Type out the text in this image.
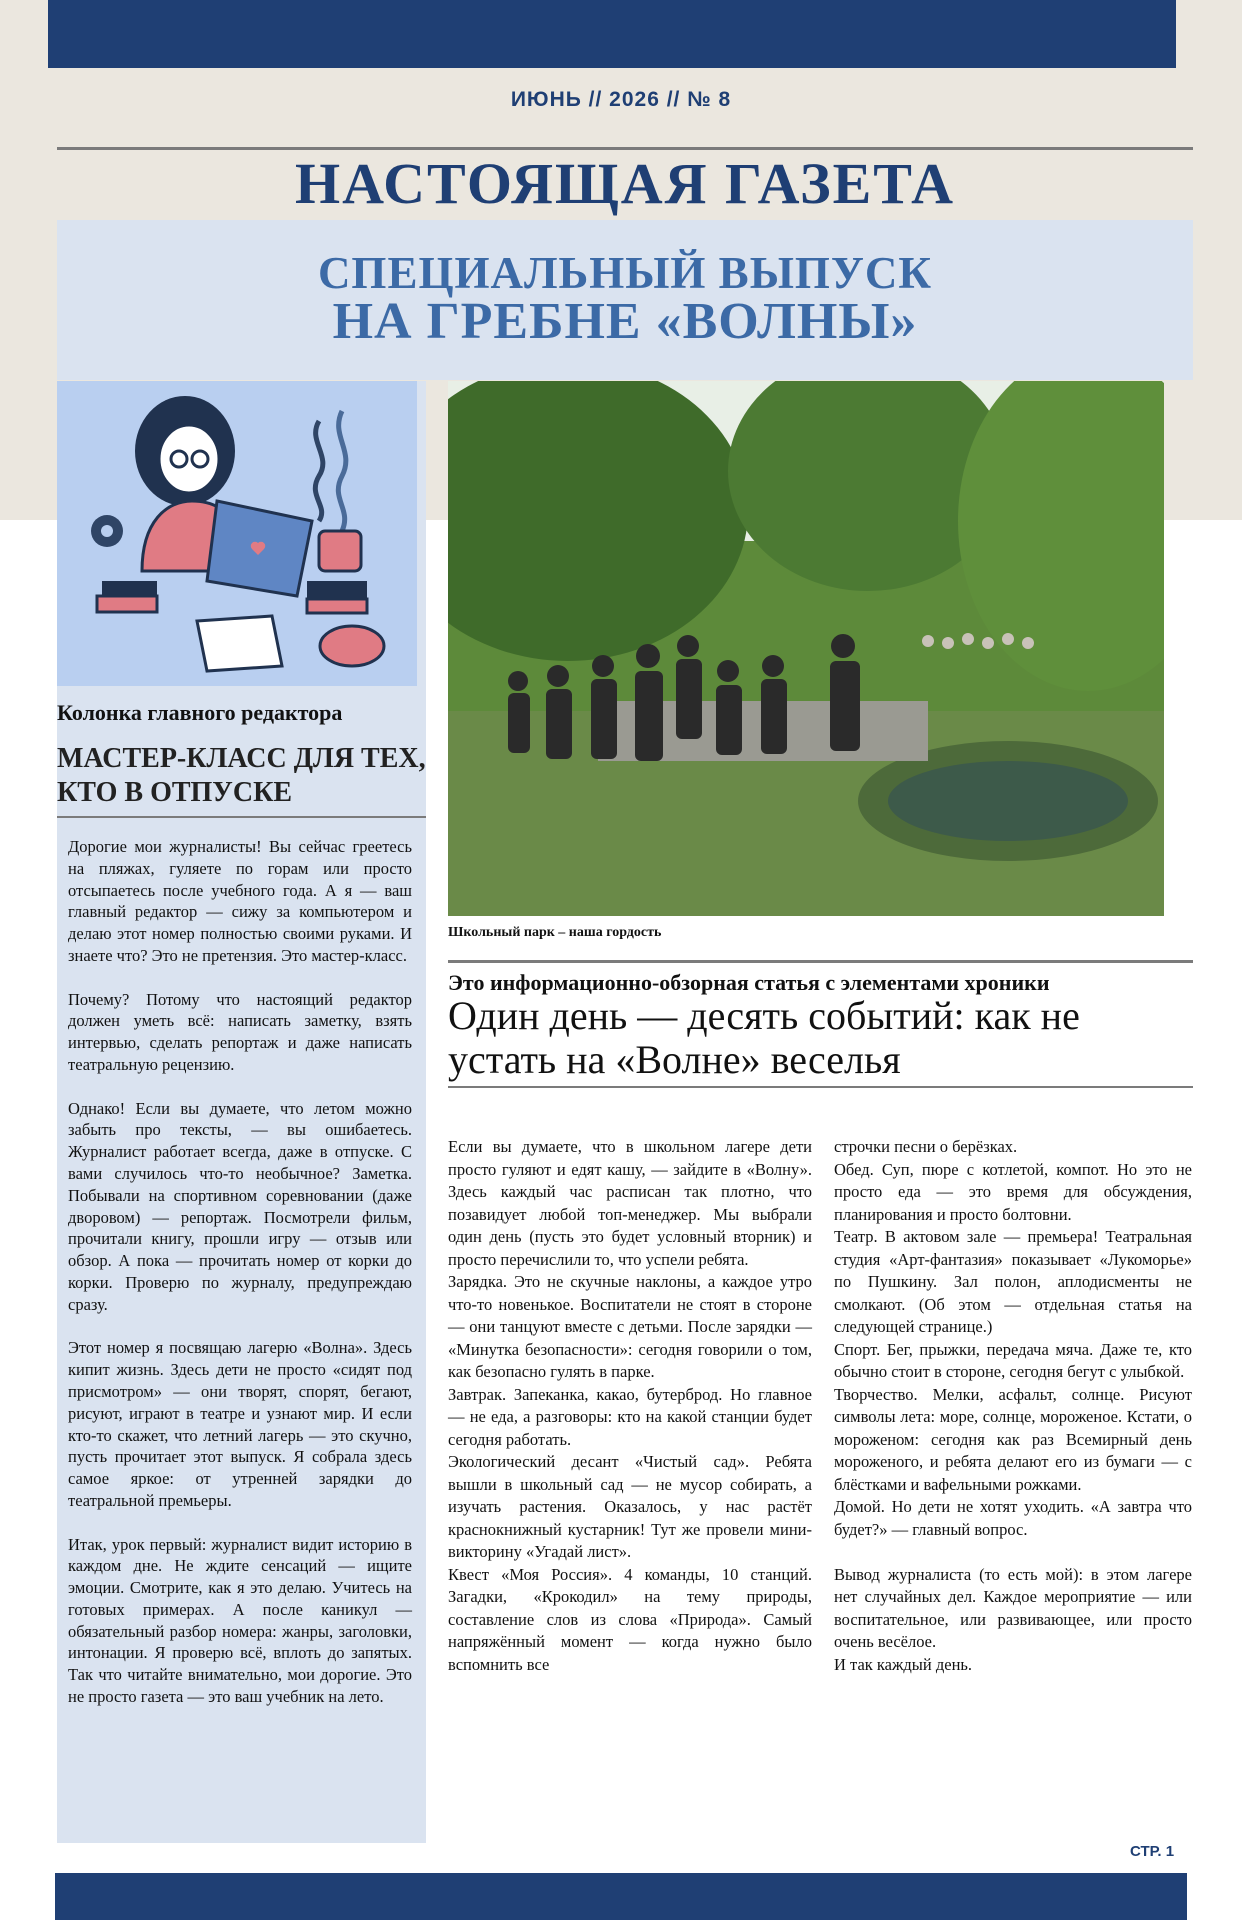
ИЮНЬ // 2026 // № 8
НАСТОЯЩАЯ ГАЗЕТА
СПЕЦИАЛЬНЫЙ ВЫПУСК
НА ГРЕБНЕ «ВОЛНЫ»
Колонка главного редактора
МАСТЕР-КЛАСС ДЛЯ ТЕХ, КТО В ОТПУСКЕ

Дорогие мои журналисты! Вы сейчас греетесь на пляжах, гуляете по горам или просто отсыпаетесь после учебного года. А я — ваш главный редактор — сижу за компьютером и делаю этот номер полностью своими руками. И знаете что? Это не претензия. Это мастер-класс.

Почему? Потому что настоящий редактор должен уметь всё: написать заметку, взять интервью, сделать репортаж и даже написать театральную рецензию.

Однако! Если вы думаете, что летом можно забыть про тексты, — вы ошибаетесь. Журналист работает всегда, даже в отпуске. С вами случилось что-то необычное? Заметка. Побывали на спортивном соревновании (даже дворовом) — репортаж. Посмотрели фильм, прочитали книгу, прошли игру — отзыв или обзор. А пока — прочитать номер от корки до корки. Проверю по журналу, предупреждаю сразу.

Этот номер я посвящаю лагерю «Волна». Здесь кипит жизнь. Здесь дети не просто «сидят под присмотром» — они творят, спорят, бегают, рисуют, играют в театре и узнают мир. И если кто-то скажет, что летний лагерь — это скучно, пусть прочитает этот выпуск. Я собрала здесь самое яркое: от утренней зарядки до театральной премьеры.

Итак, урок первый: журналист видит историю в каждом дне. Не ждите сенсаций — ищите эмоции. Смотрите, как я это делаю. Учитесь на готовых примерах. А после каникул — обязательный разбор номера: жанры, заголовки, интонации. Я проверю всё, вплоть до запятых. Так что читайте внимательно, мои дорогие. Это не просто газета — это ваш учебник на лето.

Школьный парк – наша гордость
Это информационно-обзорная статья с элементами хроники
Один день — десять событий: как не устать на «Волне» веселья

Если вы думаете, что в школьном лагере дети просто гуляют и едят кашу, — зайдите в «Волну». Здесь каждый час расписан так плотно, что позавидует любой топ-менеджер. Мы выбрали один день (пусть это будет условный вторник) и просто перечислили то, что успели ребята.

Зарядка. Это не скучные наклоны, а каждое утро что-то новенькое. Воспитатели не стоят в стороне — они танцуют вместе с детьми. После зарядки — «Минутка безопасности»: сегодня говорили о том, как безопасно гулять в парке.

Завтрак. Запеканка, какао, бутерброд. Но главное — не еда, а разговоры: кто на какой станции будет сегодня работать.

Экологический десант «Чистый сад». Ребята вышли в школьный сад — не мусор собирать, а изучать растения. Оказалось, у нас растёт краснокнижный кустарник! Тут же провели мини-викторину «Угадай лист».

Квест «Моя Россия». 4 команды, 10 станций. Загадки, «Крокодил» на тему природы, составление слов из слова «Природа». Самый напряжённый момент — когда нужно было вспомнить все

строчки песни о берёзках.

Обед. Суп, пюре с котлетой, компот. Но это не просто еда — это время для обсуждения, планирования и просто болтовни.

Театр. В актовом зале — премьера! Театральная студия «Арт-фантазия» показывает «Лукоморье» по Пушкину. Зал полон, аплодисменты не смолкают. (Об этом — отдельная статья на следующей странице.)

Спорт. Бег, прыжки, передача мяча. Даже те, кто обычно стоит в стороне, сегодня бегут с улыбкой.

Творчество. Мелки, асфальт, солнце. Рисуют символы лета: море, солнце, мороженое. Кстати, о мороженом: сегодня как раз Всемирный день мороженого, и ребята делают его из бумаги — с блёстками и вафельными рожками.

Домой. Но дети не хотят уходить. «А завтра что будет?» — главный вопрос.

Вывод журналиста (то есть мой): в этом лагере нет случайных дел. Каждое мероприятие — или воспитательное, или развивающее, или просто очень весёлое.

И так каждый день.

СТР. 1
